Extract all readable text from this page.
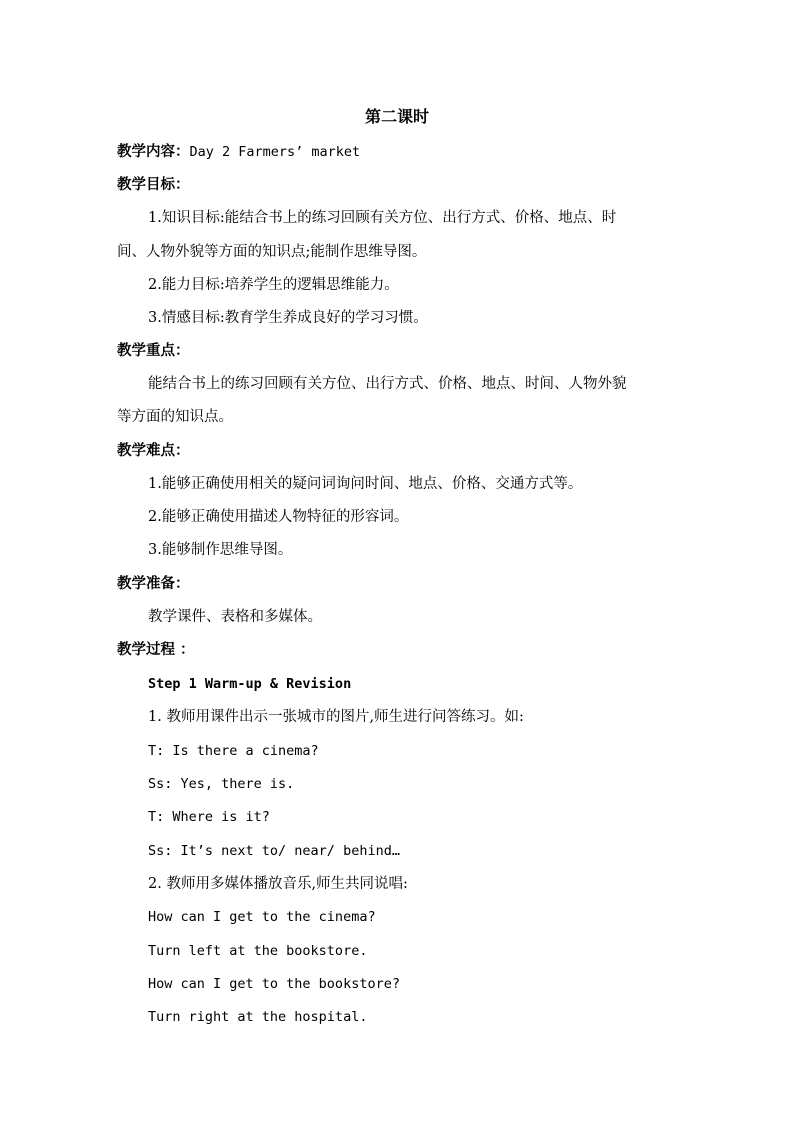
第二课时
教学内容：Day 2 Farmers’ market
教学目标：
1.知识目标:能结合书上的练习回顾有关方位、出行方式、价格、地点、时
间、人物外貌等方面的知识点;能制作思维导图。
2.能力目标:培养学生的逻辑思维能力。
3.情感目标:教育学生养成良好的学习习惯。
教学重点：
能结合书上的练习回顾有关方位、出行方式、价格、地点、时间、人物外貌
等方面的知识点。
教学难点：
1.能够正确使用相关的疑问词询问时间、地点、价格、交通方式等。
2.能够正确使用描述人物特征的形容词。
3.能够制作思维导图。
教学准备：
教学课件、表格和多媒体。
教学过程 ：
Step 1 Warm-up & Revision
1. 教师用课件出示一张城市的图片,师生进行问答练习。如:
T: Is there a cinema?
Ss: Yes, there is.
T: Where is it?
Ss: It’s next to/ near/ behind…
2. 教师用多媒体播放音乐,师生共同说唱:
How can I get to the cinema?
Turn left at the bookstore.
How can I get to the bookstore?
Turn right at the hospital.
